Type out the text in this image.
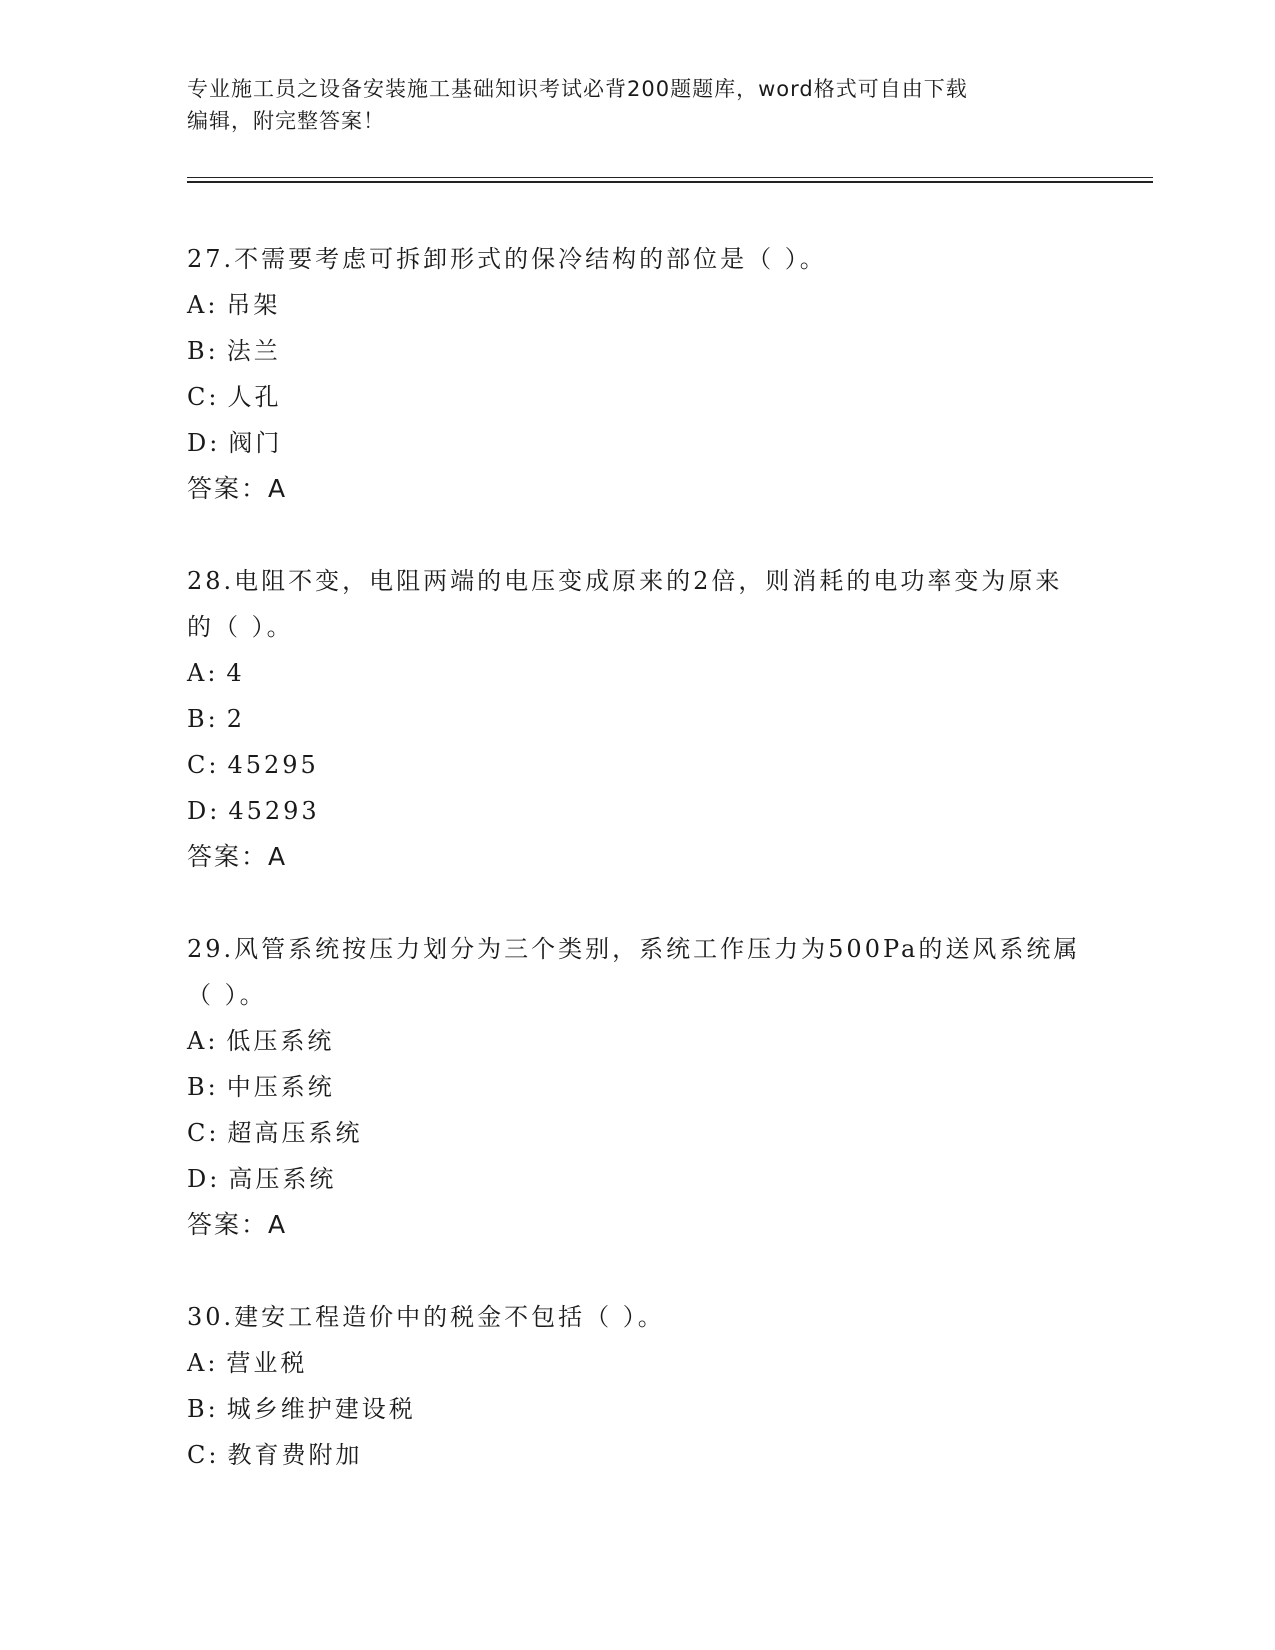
专业施工员之设备安装施工基础知识考试必背200题题库，word格式可自由下载
编辑，附完整答案！
27.不需要考虑可拆卸形式的保冷结构的部位是（ ）。
A: 吊架
B: 法兰
C: 人孔
D: 阀门
答案：A
28.电阻不变，电阻两端的电压变成原来的2倍，则消耗的电功率变为原来的（ ）。
A: 4
B: 2
C: 45295
D: 45293
答案：A
29.风管系统按压力划分为三个类别，系统工作压力为500Pa的送风系统属（ ）。
A: 低压系统
B: 中压系统
C: 超高压系统
D: 高压系统
答案：A
30.建安工程造价中的税金不包括（ ）。
A: 营业税
B: 城乡维护建设税
C: 教育费附加
